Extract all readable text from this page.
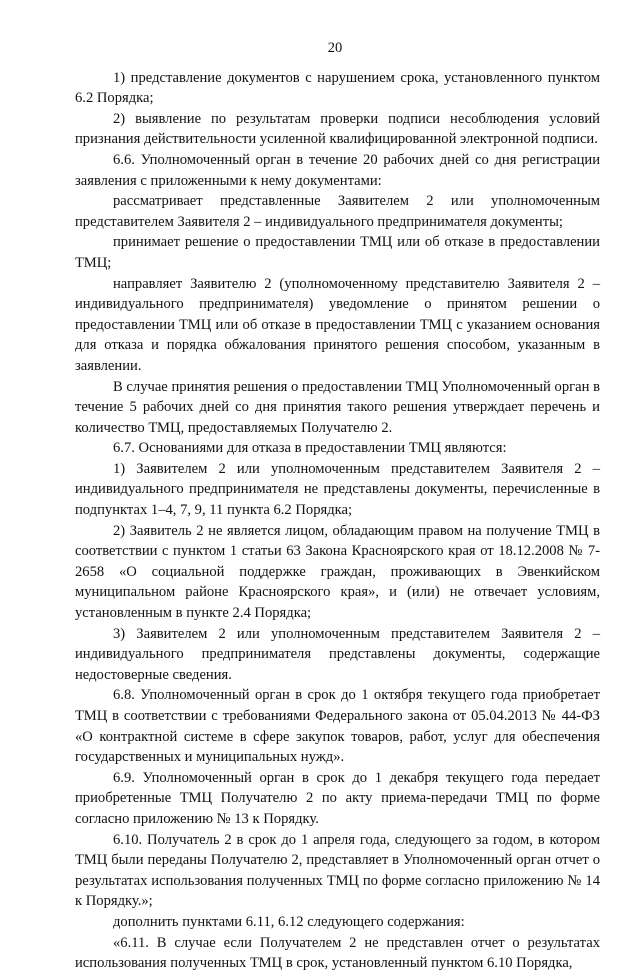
20

1) представление документов с нарушением срока, установленного пунктом 6.2 Порядка;

2) выявление по результатам проверки подписи несоблюдения условий признания действительности усиленной квалифицированной электронной подписи.

6.6. Уполномоченный орган в течение 20 рабочих дней со дня регистрации заявления с приложенными к нему документами:

рассматривает представленные Заявителем 2 или уполномоченным представителем Заявителя 2 – индивидуального предпринимателя документы;

принимает решение о предоставлении ТМЦ или об отказе в предоставлении ТМЦ;

направляет Заявителю 2 (уполномоченному представителю Заявителя 2 – индивидуального предпринимателя) уведомление о принятом решении о предоставлении ТМЦ или об отказе в предоставлении ТМЦ с указанием основания для отказа и порядка обжалования принятого решения способом, указанным в заявлении.

В случае принятия решения о предоставлении ТМЦ Уполномоченный орган в течение 5 рабочих дней со дня принятия такого решения утверждает перечень и количество ТМЦ, предоставляемых Получателю 2.

6.7. Основаниями для отказа в предоставлении ТМЦ являются:

1) Заявителем 2 или уполномоченным представителем Заявителя 2 – индивидуального предпринимателя не представлены документы, перечисленные в подпунктах 1–4, 7, 9, 11 пункта 6.2 Порядка;

2) Заявитель 2 не является лицом, обладающим правом на получение ТМЦ в соответствии с пунктом 1 статьи 63 Закона Красноярского края от 18.12.2008 № 7-2658 «О социальной поддержке граждан, проживающих в Эвенкийском муниципальном районе Красноярского края», и (или) не отвечает условиям, установленным в пункте 2.4 Порядка;

3) Заявителем 2 или уполномоченным представителем Заявителя 2 – индивидуального предпринимателя представлены документы, содержащие недостоверные сведения.

6.8. Уполномоченный орган в срок до 1 октября текущего года приобретает ТМЦ в соответствии с требованиями Федерального закона от 05.04.2013 № 44-ФЗ «О контрактной системе в сфере закупок товаров, работ, услуг для обеспечения государственных и муниципальных нужд».

6.9. Уполномоченный орган в срок до 1 декабря текущего года передает приобретенные ТМЦ Получателю 2 по акту приема-передачи ТМЦ по форме согласно приложению № 13 к Порядку.

6.10. Получатель 2 в срок до 1 апреля года, следующего за годом, в котором ТМЦ были переданы Получателю 2, представляет в Уполномоченный орган отчет о результатах использования полученных ТМЦ по форме согласно приложению № 14 к Порядку.»;

дополнить пунктами 6.11, 6.12 следующего содержания:

«6.11. В случае если Получателем 2 не представлен отчет о результатах использования полученных ТМЦ в срок, установленный пунктом 6.10 Порядка,
